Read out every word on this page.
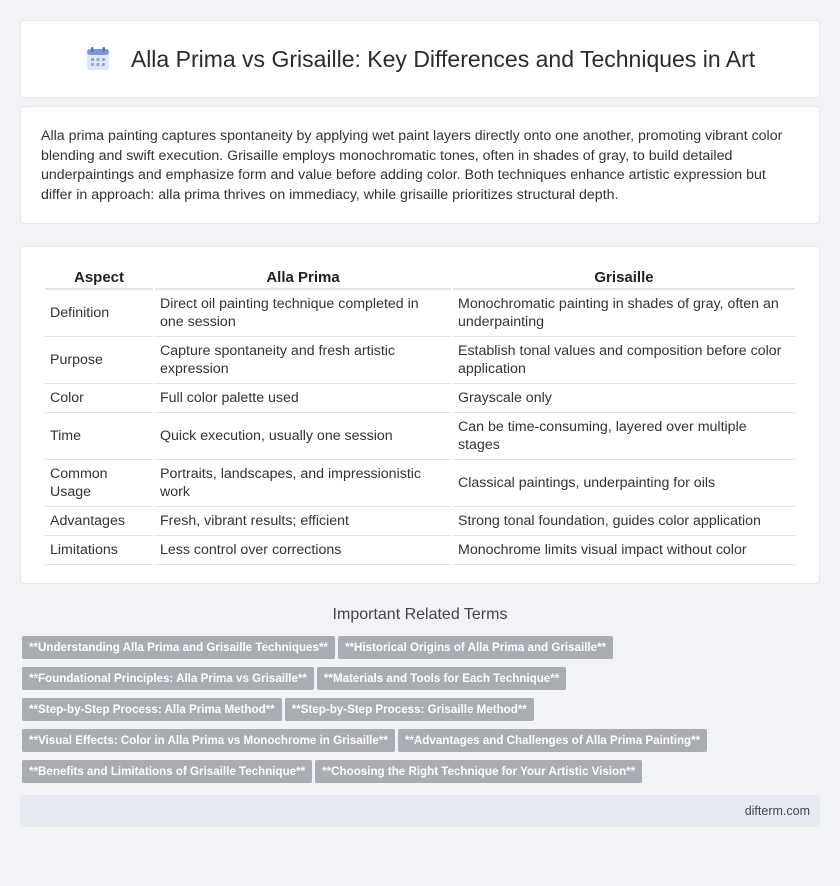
Alla Prima vs Grisaille: Key Differences and Techniques in Art
Alla prima painting captures spontaneity by applying wet paint layers directly onto one another, promoting vibrant color blending and swift execution. Grisaille employs monochromatic tones, often in shades of gray, to build detailed underpaintings and emphasize form and value before adding color. Both techniques enhance artistic expression but differ in approach: alla prima thrives on immediacy, while grisaille prioritizes structural depth.
Aspect	Alla Prima	Grisaille
Definition	Direct oil painting technique completed in one session	Monochromatic painting in shades of gray, often an underpainting
Purpose	Capture spontaneity and fresh artistic expression	Establish tonal values and composition before color application
Color	Full color palette used	Grayscale only
Time	Quick execution, usually one session	Can be time-consuming, layered over multiple stages
Common Usage	Portraits, landscapes, and impressionistic work	Classical paintings, underpainting for oils
Advantages	Fresh, vibrant results; efficient	Strong tonal foundation, guides color application
Limitations	Less control over corrections	Monochrome limits visual impact without color
Important Related Terms
**Understanding Alla Prima and Grisaille Techniques** **Historical Origins of Alla Prima and Grisaille**
**Foundational Principles: Alla Prima vs Grisaille** **Materials and Tools for Each Technique**
**Step-by-Step Process: Alla Prima Method** **Step-by-Step Process: Grisaille Method**
**Visual Effects: Color in Alla Prima vs Monochrome in Grisaille** **Advantages and Challenges of Alla Prima Painting**
**Benefits and Limitations of Grisaille Technique** **Choosing the Right Technique for Your Artistic Vision**
difterm.com
